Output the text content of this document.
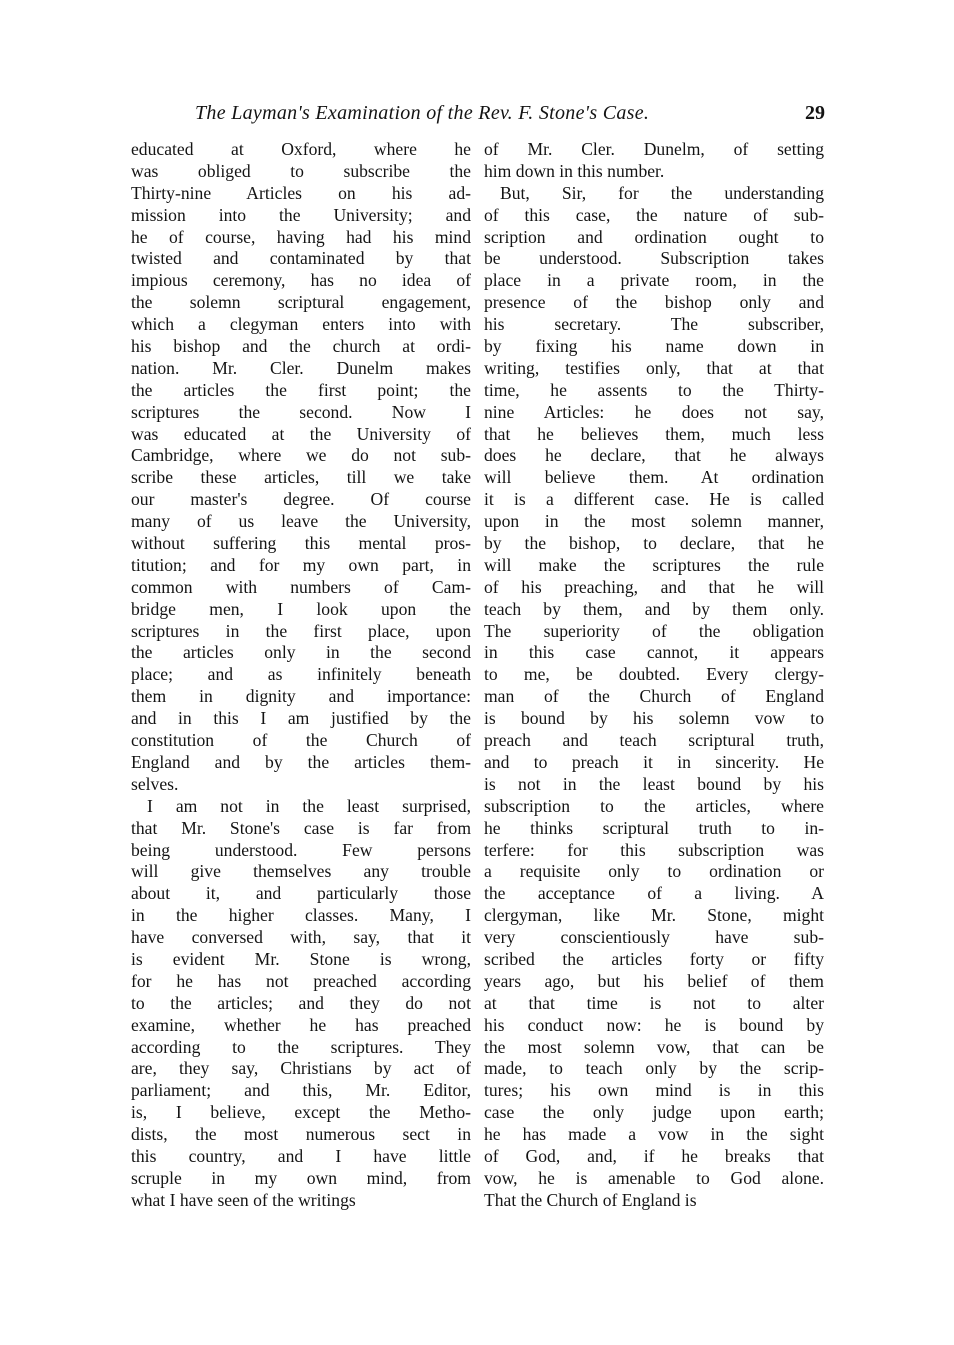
The Layman's Examination of the Rev. F. Stone's Case.	29
educated at Oxford, where he
was obliged to subscribe the
Thirty-nine Articles on his ad-
mission into the University; and
he of course, having had his mind
twisted and contaminated by that
impious ceremony, has no idea of
the solemn scriptural engagement,
which a clegyman enters into with
his bishop and the church at ordi-
nation. Mr. Cler. Dunelm makes
the articles the first point; the
scriptures the second. Now I
was educated at the University of
Cambridge, where we do not sub-
scribe these articles, till we take
our master's degree. Of course
many of us leave the University,
without suffering this mental pros-
titution; and for my own part, in
common with numbers of Cam-
bridge men, I look upon the
scriptures in the first place, upon
the articles only in the second
place; and as infinitely beneath
them in dignity and importance:
and in this I am justified by the
constitution of the Church of
England and by the articles them-
selves.
I am not in the least surprised,
that Mr. Stone's case is far from
being understood. Few persons
will give themselves any trouble
about it, and particularly those
in the higher classes. Many, I
have conversed with, say, that it
is evident Mr. Stone is wrong,
for he has not preached according
to the articles; and they do not
examine, whether he has preached
according to the scriptures. They
are, they say, Christians by act of
parliament; and this, Mr. Editor,
is, I believe, except the Metho-
dists, the most numerous sect in
this country, and I have little
scruple in my own mind, from
what I have seen of the writings
of Mr. Cler. Dunelm, of setting
him down in this number.
But, Sir, for the understanding
of this case, the nature of sub-
scription and ordination ought to
be understood. Subscription takes
place in a private room, in the
presence of the bishop only and
his secretary. The subscriber,
by fixing his name down in
writing, testifies only, that at that
time, he assents to the Thirty-
nine Articles: he does not say,
that he believes them, much less
does he declare, that he always
will believe them. At ordination
it is a different case. He is called
upon in the most solemn manner,
by the bishop, to declare, that he
will make the scriptures the rule
of his preaching, and that he will
teach by them, and by them only.
The superiority of the obligation
in this case cannot, it appears
to me, be doubted. Every clergy-
man of the Church of England
is bound by his solemn vow to
preach and teach scriptural truth,
and to preach it in sincerity. He
is not in the least bound by his
subscription to the articles, where
he thinks scriptural truth to in-
terfere: for this subscription was
a requisite only to ordination or
the acceptance of a living. A
clergyman, like Mr. Stone, might
very conscientiously have sub-
scribed the articles forty or fifty
years ago, but his belief of them
at that time is not to alter
his conduct now: he is bound by
the most solemn vow, that can be
made, to teach only by the scrip-
tures; his own mind is in this
case the only judge upon earth;
he has made a vow in the sight
of God, and, if he breaks that
vow, he is amenable to God alone.
That the Church of England is
